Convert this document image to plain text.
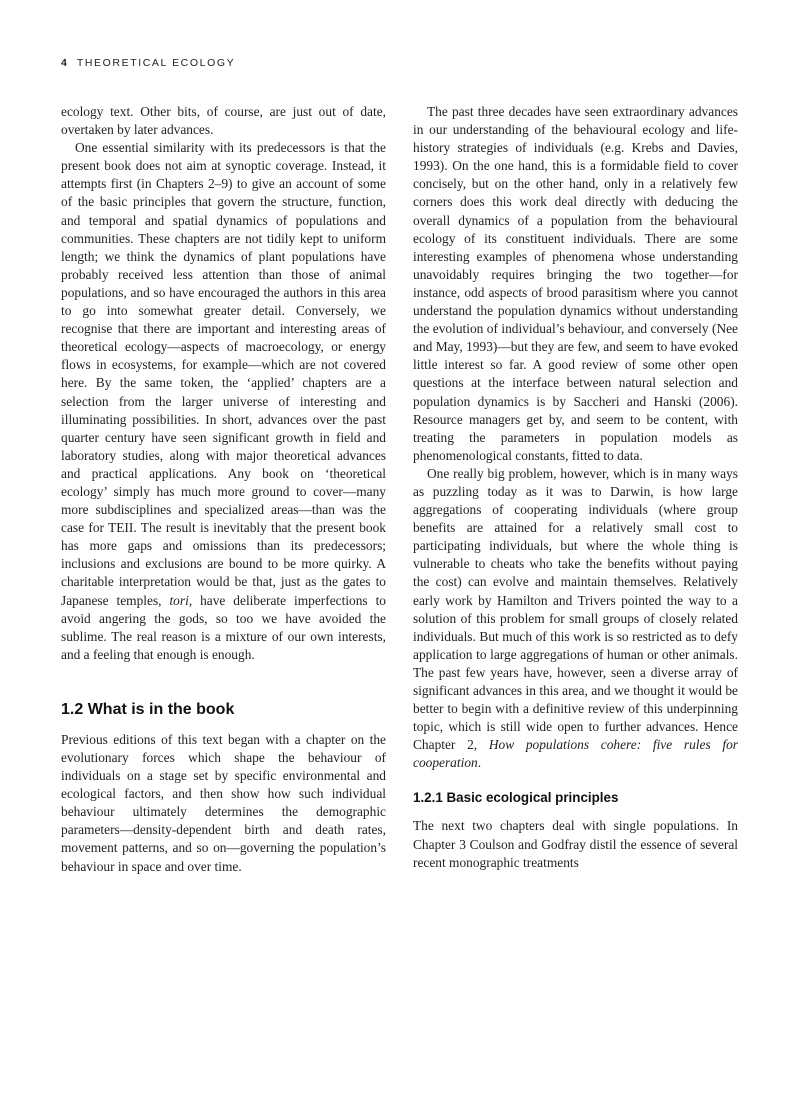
4 THEORETICAL ECOLOGY

ecology text. Other bits, of course, are just out of date, overtaken by later advances.

One essential similarity with its predecessors is that the present book does not aim at synoptic coverage. Instead, it attempts first (in Chapters 2–9) to give an account of some of the basic principles that govern the structure, function, and temporal and spatial dynamics of populations and communities. These chapters are not tidily kept to uniform length; we think the dynamics of plant populations have probably received less attention than those of animal populations, and so have encouraged the authors in this area to go into somewhat greater detail. Conversely, we recognise that there are important and interesting areas of theoretical ecology—aspects of macroecology, or energy flows in ecosystems, for example—which are not covered here. By the same token, the ‘applied’ chapters are a selection from the larger universe of interesting and illuminating possibilities. In short, advances over the past quarter century have seen significant growth in field and laboratory studies, along with major theoretical advances and practical applications. Any book on ‘theoretical ecology’ simply has much more ground to cover—many more subdisciplines and specialized areas—than was the case for TEII. The result is inevitably that the present book has more gaps and omissions than its predecessors; inclusions and exclusions are bound to be more quirky. A charitable interpretation would be that, just as the gates to Japanese temples, tori, have deliberate imperfections to avoid angering the gods, so too we have avoided the sublime. The real reason is a mixture of our own interests, and a feeling that enough is enough.

1.2 What is in the book

Previous editions of this text began with a chapter on the evolutionary forces which shape the behaviour of individuals on a stage set by specific environmental and ecological factors, and then show how such individual behaviour ultimately determines the demographic parameters—density-dependent birth and death rates, movement patterns, and so on—governing the population’s behaviour in space and over time.

The past three decades have seen extraordinary advances in our understanding of the behavioural ecology and life-history strategies of individuals (e.g. Krebs and Davies, 1993). On the one hand, this is a formidable field to cover concisely, but on the other hand, only in a relatively few corners does this work deal directly with deducing the overall dynamics of a population from the behavioural ecology of its constituent individuals. There are some interesting examples of phenomena whose understanding unavoidably requires bringing the two together—for instance, odd aspects of brood parasitism where you cannot understand the population dynamics without understanding the evolution of individual’s behaviour, and conversely (Nee and May, 1993)—but they are few, and seem to have evoked little interest so far. A good review of some other open questions at the interface between natural selection and population dynamics is by Saccheri and Hanski (2006). Resource managers get by, and seem to be content, with treating the parameters in population models as phenomenological constants, fitted to data.

One really big problem, however, which is in many ways as puzzling today as it was to Darwin, is how large aggregations of cooperating individuals (where group benefits are attained for a relatively small cost to participating individuals, but where the whole thing is vulnerable to cheats who take the benefits without paying the cost) can evolve and maintain themselves. Relatively early work by Hamilton and Trivers pointed the way to a solution of this problem for small groups of closely related individuals. But much of this work is so restricted as to defy application to large aggregations of human or other animals. The past few years have, however, seen a diverse array of significant advances in this area, and we thought it would be better to begin with a definitive review of this underpinning topic, which is still wide open to further advances. Hence Chapter 2, How populations cohere: five rules for cooperation.

1.2.1 Basic ecological principles

The next two chapters deal with single populations. In Chapter 3 Coulson and Godfray distil the essence of several recent monographic treatments
